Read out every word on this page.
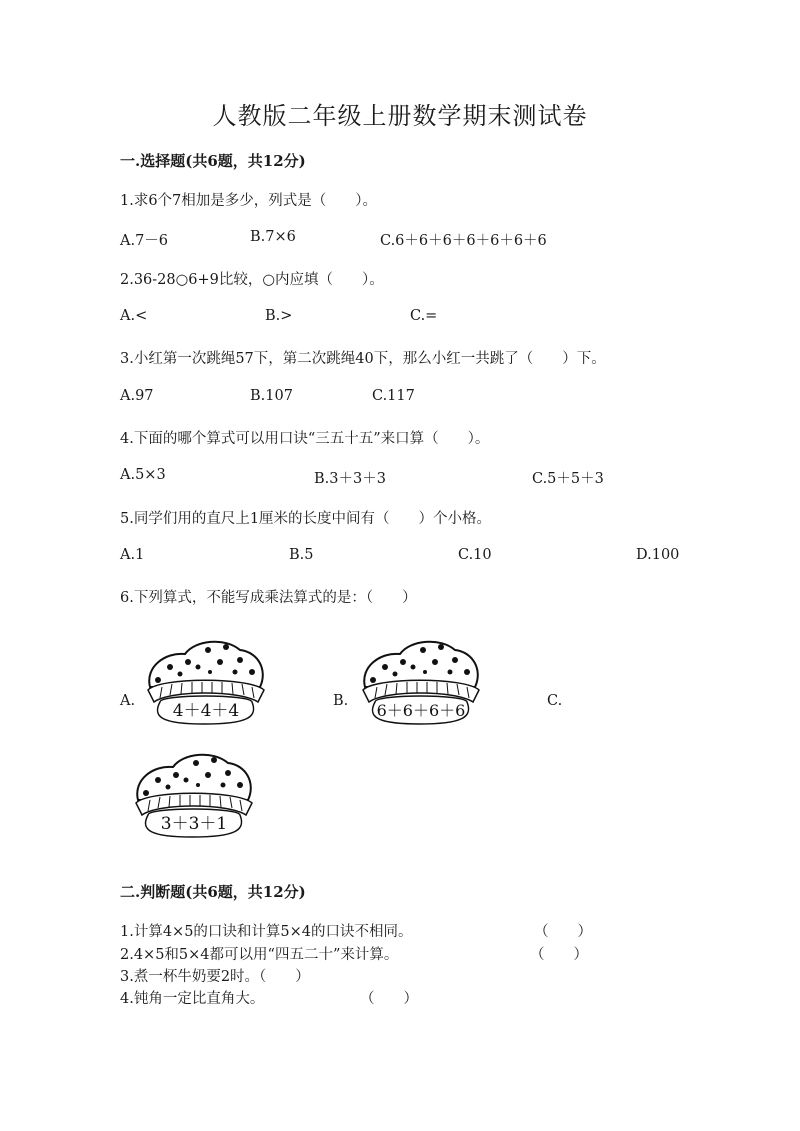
人教版二年级上册数学期末测试卷
一.选择题(共6题，共12分)
1.求6个7相加是多少，列式是（　　）。
A.7－6	B.7×6	C.6＋6＋6＋6＋6＋6＋6
2.36-28○6+9比较，○内应填（　　）。
A.<	B.>	C.=
3.小红第一次跳绳57下，第二次跳绳40下，那么小红一共跳了（　　）下。
A.97	B.107	C.117
4.下面的哪个算式可以用口诀“三五十五”来口算（　　）。
A.5×3	B.3＋3＋3	C.5＋5＋3
5.同学们用的直尺上1厘米的长度中间有（　　）个小格。
A.1	B.5	C.10	D.100
6.下列算式，不能写成乘法算式的是：（　　）
A.	B.	C.
4＋4＋4	6＋6＋6＋6
3＋3＋1
二.判断题(共6题，共12分)
1.计算4×5的口诀和计算5×4的口诀不相同。	（　　）
2.4×5和5×4都可以用“四五二十”来计算。	（　　）
3.煮一杯牛奶要2时。（　　）
4.钝角一定比直角大。	（　　）
